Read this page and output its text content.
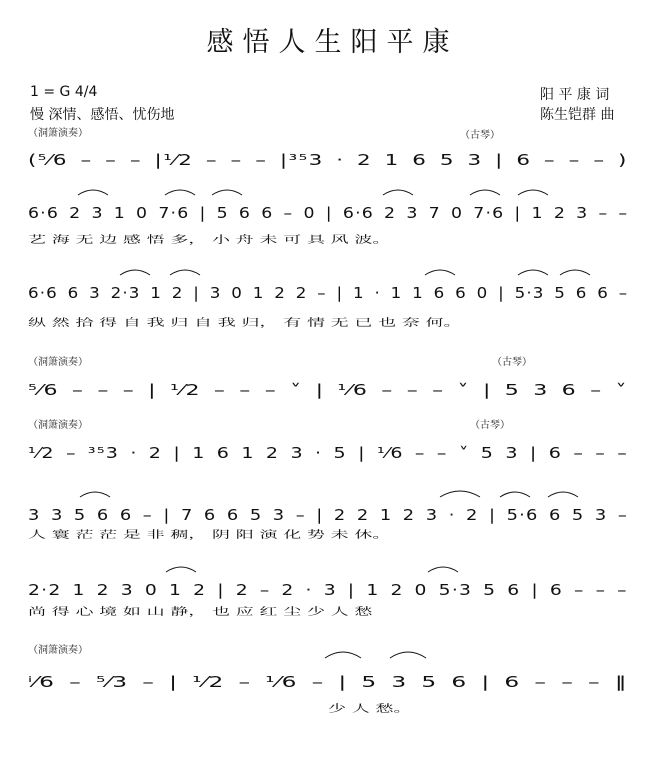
感悟人生阳平康
1 = G 4/4
慢 深情、感悟、忧伤地
阳 平 康 词
陈生铠群 曲
（洞箫演奏）	（古琴）
（洞箫演奏）	（古琴）
（洞箫演奏）	（古琴）
（洞箫演奏）
(⁵⁄6 – – – |¹⁄2 – – – |³⁵3 · 2 1 6 5 3 | 6 – – – )
6·6 2 3 1 0 7·6 | 5 6 6 – 0 | 6·6 2 3 7 0 7·6 | 1 2 3 – –
6·6 6 3 2·3 1 2 | 3 0 1 2 2 – | 1 · 1 1 6 6 0 | 5·3 5 6 6 –
⁵⁄6 – – – | ¹⁄2 – – – ˅ | ¹⁄6 – – – ˅ | 5 3 6 – ˅
¹⁄2 – ³⁵3 · 2 | 1 6 1 2 3 · 5 | ¹⁄6 – – ˅ 5 3 | 6 – – –
3 3 5 6 6 – | 7 6 6 5 3 – | 2 2 1 2 3 · 2 | 5·6 6 5 3 –
2·2 1 2 3 0 1 2 | 2 – 2 · 3 | 1 2 0 5·3 5 6 | 6 – – –
ⁱ⁄6 – ⁵⁄3 – | ¹⁄2 – ¹⁄6 – | 5 3 5 6 | 6 – – – ‖
艺 海 无 边 感 悟 多， 小 舟 未 可 具 风 波。
纵 然 拾 得 自 我 归 自 我 归， 有 情 无 已 也 奈 何。
人 寰 茫 茫 是 非 稠， 阴 阳 演 化 势 未 休。
尚 得 心 境 如 山 静， 也 应 红 尘 少 人 愁
少 人 愁。
